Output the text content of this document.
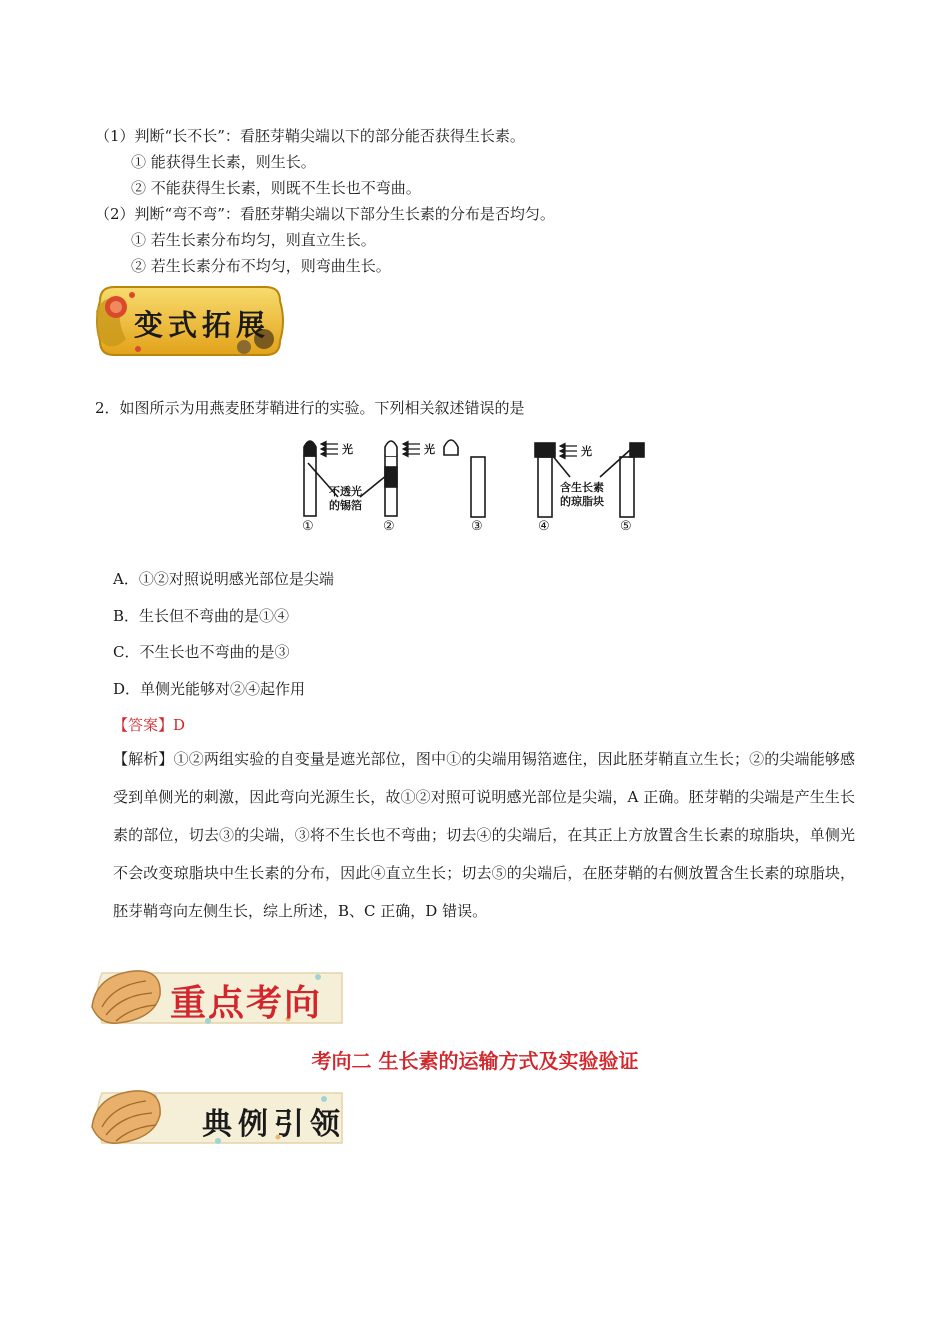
（1）判断“长不长”：看胚芽鞘尖端以下的部分能否获得生长素。
① 能获得生长素，则生长。
② 不能获得生长素，则既不生长也不弯曲。
（2）判断“弯不弯”：看胚芽鞘尖端以下部分生长素的分布是否均匀。
① 若生长素分布均匀，则直立生长。
② 若生长素分布不均匀，则弯曲生长。
变式拓展
2．如图所示为用燕麦胚芽鞘进行的实验。下列相关叙述错误的是
光	光	光
不透光
的锡箔
含生长素
的琼脂块
①	②	③	④	⑤
A．①②对照说明感光部位是尖端
B．生长但不弯曲的是①④
C．不生长也不弯曲的是③
D．单侧光能够对②④起作用
【答案】D
【解析】①②两组实验的自变量是遮光部位，图中①的尖端用锡箔遮住，因此胚芽鞘直立生长；②的尖端能够感受到单侧光的刺激，因此弯向光源生长，故①②对照可说明感光部位是尖端，A 正确。胚芽鞘的尖端是产生生长素的部位，切去③的尖端，③将不生长也不弯曲；切去④的尖端后，在其正上方放置含生长素的琼脂块，单侧光不会改变琼脂块中生长素的分布，因此④直立生长；切去⑤的尖端后，在胚芽鞘的右侧放置含生长素的琼脂块，胚芽鞘弯向左侧生长，综上所述，B、C 正确，D 错误。
重点考向
考向二 生长素的运输方式及实验验证
典例引领
